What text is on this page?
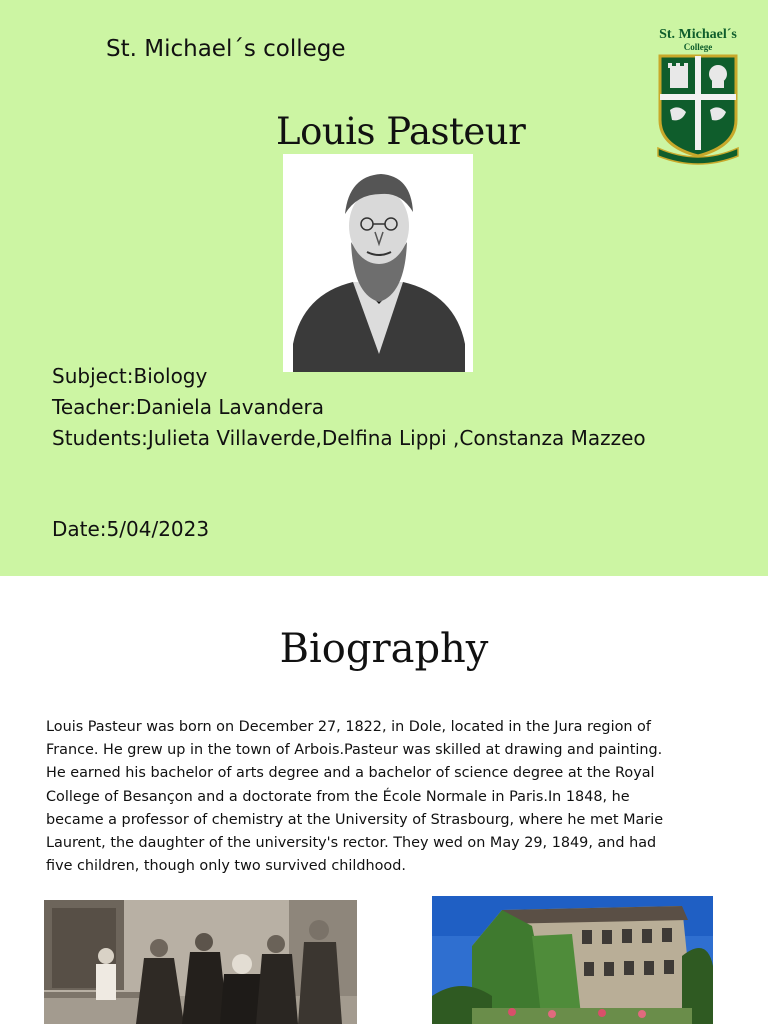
St. Michael´s college
Louis Pasteur
St. Michael´s
College
Subject:Biology
Teacher:Daniela Lavandera
Students:Julieta Villaverde,Delfina Lippi ,Constanza Mazzeo
Date:5/04/2023
Biography
Louis Pasteur was born on December 27, 1822, in Dole, located in the Jura region of
France. He grew up in the town of Arbois.Pasteur was skilled at drawing and painting.
He earned his bachelor of arts degree and a bachelor of science degree at the Royal
College of Besançon and a doctorate from the École Normale in Paris.In 1848, he
became a professor of chemistry at the University of Strasbourg, where he met Marie
Laurent, the daughter of the university's rector. They wed on May 29, 1849, and had
five children, though only two survived childhood.
